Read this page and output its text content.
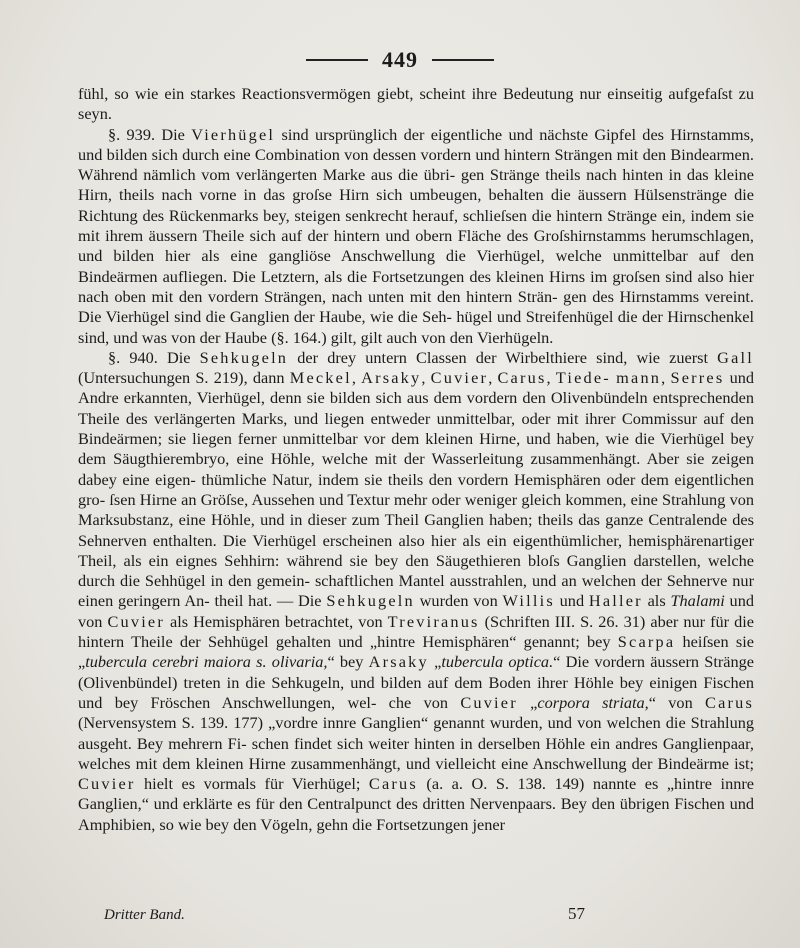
449

fühl, so wie ein starkes Reactionsvermögen giebt, scheint ihre Bedeutung nur einseitig aufgefaſst zu seyn.

§. 939. Die Vierhügel sind ursprünglich der eigentliche und nächste Gipfel des Hirnstamms, und bilden sich durch eine Combination von dessen vordern und hintern Strängen mit den Bindearmen. Während nämlich vom verlängerten Marke aus die übri- gen Stränge theils nach hinten in das kleine Hirn, theils nach vorne in das groſse Hirn sich umbeugen, behalten die äussern Hülsenstränge die Richtung des Rückenmarks bey, steigen senkrecht herauf, schlieſsen die hintern Stränge ein, indem sie mit ihrem äussern Theile sich auf der hintern und obern Fläche des Groſshirnstamms herumschlagen, und bilden hier als eine gangliöse Anschwellung die Vierhügel, welche unmittelbar auf den Bindeärmen aufliegen. Die Letztern, als die Fortsetzungen des kleinen Hirns im groſsen sind also hier nach oben mit den vordern Strängen, nach unten mit den hintern Strän- gen des Hirnstamms vereint. Die Vierhügel sind die Ganglien der Haube, wie die Seh- hügel und Streifenhügel die der Hirnschenkel sind, und was von der Haube (§. 164.) gilt, gilt auch von den Vierhügeln.

§. 940. Die Sehkugeln der drey untern Classen der Wirbelthiere sind, wie zuerst Gall (Untersuchungen S. 219), dann Meckel, Arsaky, Cuvier, Carus, Tiede- mann, Serres und Andre erkannten, Vierhügel, denn sie bilden sich aus dem vordern den Olivenbündeln entsprechenden Theile des verlängerten Marks, und liegen entweder unmittelbar, oder mit ihrer Commissur auf den Bindeärmen; sie liegen ferner unmittelbar vor dem kleinen Hirne, und haben, wie die Vierhügel bey dem Säugthierembryo, eine Höhle, welche mit der Wasserleitung zusammenhängt. Aber sie zeigen dabey eine eigen- thümliche Natur, indem sie theils den vordern Hemisphären oder dem eigentlichen gro- ſsen Hirne an Gröſse, Aussehen und Textur mehr oder weniger gleich kommen, eine Strahlung von Marksubstanz, eine Höhle, und in dieser zum Theil Ganglien haben; theils das ganze Centralende des Sehnerven enthalten. Die Vierhügel erscheinen also hier als ein eigenthümlicher, hemisphärenartiger Theil, als ein eignes Sehhirn: während sie bey den Säugethieren bloſs Ganglien darstellen, welche durch die Sehhügel in den gemein- schaftlichen Mantel ausstrahlen, und an welchen der Sehnerve nur einen geringern An- theil hat. — Die Sehkugeln wurden von Willis und Haller als Thalami und von Cuvier als Hemisphären betrachtet, von Treviranus (Schriften III. S. 26. 31) aber nur für die hintern Theile der Sehhügel gehalten und „hintre Hemisphären“ genannt; bey Scarpa heiſsen sie „tubercula cerebri maiora s. olivaria,“ bey Arsaky „tubercula optica.“ Die vordern äussern Stränge (Olivenbündel) treten in die Sehkugeln, und bilden auf dem Boden ihrer Höhle bey einigen Fischen und bey Fröschen Anschwellungen, wel- che von Cuvier „corpora striata,“ von Carus (Nervensystem S. 139. 177) „vordre innre Ganglien“ genannt wurden, und von welchen die Strahlung ausgeht. Bey mehrern Fi- schen findet sich weiter hinten in derselben Höhle ein andres Ganglienpaar, welches mit dem kleinen Hirne zusammenhängt, und vielleicht eine Anschwellung der Bindeärme ist; Cuvier hielt es vormals für Vierhügel; Carus (a. a. O. S. 138. 149) nannte es „hintre innre Ganglien,“ und erklärte es für den Centralpunct des dritten Nervenpaars. Bey den übrigen Fischen und Amphibien, so wie bey den Vögeln, gehn die Fortsetzungen jener

Dritter Band.	57
